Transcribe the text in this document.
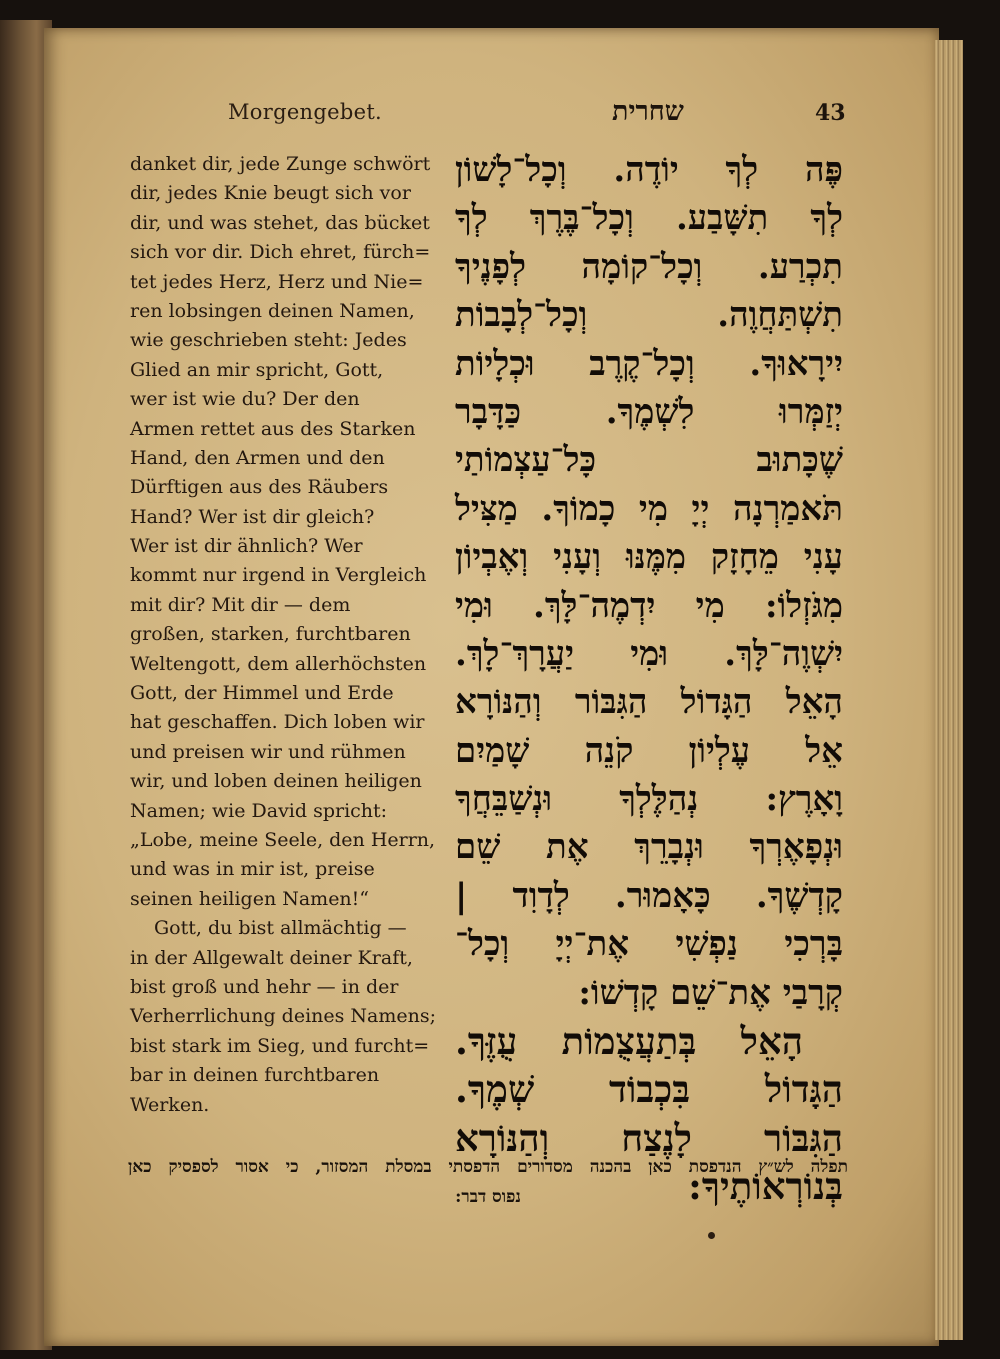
Morgengebet.	שחרית	43
danket dir, jede Zunge schwört
dir, jedes Knie beugt sich vor
dir, und was stehet, das bücket
sich vor dir. Dich ehret, fürch=
tet jedes Herz, Herz und Nie=
ren lobsingen deinen Namen,
wie geschrieben steht: Jedes
Glied an mir spricht, Gott,
wer ist wie du? Der den
Armen rettet aus des Starken
Hand, den Armen und den
Dürftigen aus des Räubers
Hand? Wer ist dir gleich?
Wer ist dir ähnlich? Wer
kommt nur irgend in Vergleich
mit dir? Mit dir — dem
großen, starken, furchtbaren
Weltengott, dem allerhöchsten
Gott, der Himmel und Erde
hat geschaffen. Dich loben wir
und preisen wir und rühmen
wir, und loben deinen heiligen
Namen; wie David spricht:
„Lobe, meine Seele, den Herrn,
und was in mir ist, preise
seinen heiligen Namen!“
Gott, du bist allmächtig —
in der Allgewalt deiner Kraft,
bist groß und hehr — in der
Verherrlichung deines Namens;
bist stark im Sieg, und furcht=
bar in deinen furchtbaren
Werken.
פֶּה לְךָ יוֹדֶה. וְכָל־לָשׁוֹן
לְךָ תִשָּׁבַע. וְכָל־בֶּרֶךְ לְךָ
תִכְרַע. וְכָל־קוֹמָה לְפָנֶיךָ
תִשְׁתַּחֲוֶה. וְכָל־לְבָבוֹת
יִירָאוּךָ. וְכָל־קֶרֶב וּכְלָיוֹת
יְזַמְּרוּ לִשְׁמֶךָ. כַּדָּבָר
שֶׁכָּתוּב כָּל־עַצְמוֹתַי
תֹּאמַרְנָה יְיָ מִי כָמוֹךָ. מַצִּיל
עָנִי מֵחָזָק מִמֶּנּוּ וְעָנִי וְאֶבְיוֹן
מִגֹּזְלוֹ: מִי יִדְמֶה־לָּךְ. וּמִי
יִשְׁוֶה־לָּךְ. וּמִי יַעֲרָךְ־לָךְ.
הָאֵל הַגָּדוֹל הַגִּבּוֹר וְהַנּוֹרָא
אֵל עֶלְיוֹן קֹנֵה שָׁמַיִם
וָאָרֶץ: נְהַלֶּלְךָ וּנְשַׁבֵּחֲךָ
וּנְפָאֶרְךָ וּנְבָרֵךְ אֶת שֵׁם
קָדְשֶׁךָ. כָּאָמוּר. לְדָוִד |
בָּרְכִי נַפְשִׁי אֶת־יְיָ וְכָל־
קְרָבַי אֶת־שֵׁם קָדְשׁוֹ:
הָאֵל בְּתַעֲצֻמוֹת עֻזֶּךָ.
הַגָּדוֹל בִּכְבוֹד שְׁמֶךָ.
הַגִּבּוֹר לָנֶצַח וְהַנּוֹרָא
בְּנוֹרְאוֹתֶיךָ:
תפלה לש״ץ הנדפסת כאן בהכנה מסדורים הדפסתי במסלת המסזור, כי אסור לספסיק כאן
נפוס דבר:
